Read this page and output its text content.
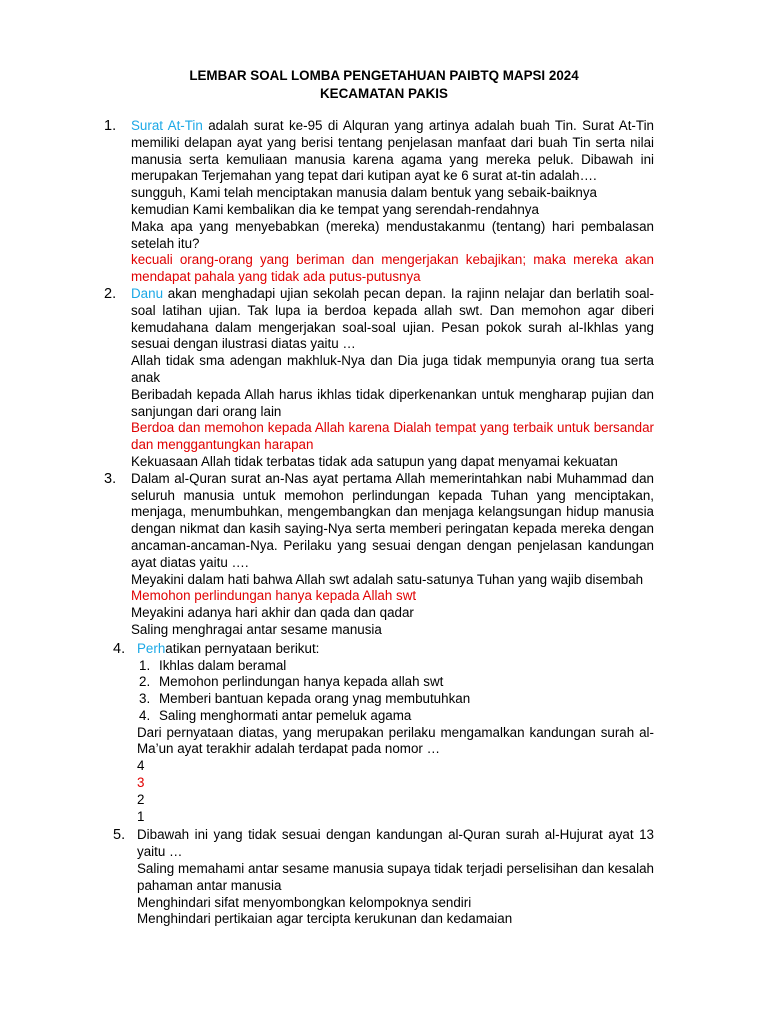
LEMBAR SOAL LOMBA PENGETAHUAN PAIBTQ MAPSI 2024
KECAMATAN PAKIS
1. Surat At-Tin adalah surat ke-95 di Alquran yang artinya adalah buah Tin. Surat At-Tin memiliki delapan ayat yang berisi tentang penjelasan manfaat dari buah Tin serta nilai manusia serta kemuliaan manusia karena agama yang mereka peluk. Dibawah ini merupakan Terjemahan yang tepat dari kutipan ayat ke 6 surat at-tin adalah….
sungguh, Kami telah menciptakan manusia dalam bentuk yang sebaik-baiknya
kemudian Kami kembalikan dia ke tempat yang serendah-rendahnya
Maka apa yang menyebabkan (mereka) mendustakanmu (tentang) hari pembalasan setelah itu?
kecuali orang-orang yang beriman dan mengerjakan kebajikan; maka mereka akan mendapat pahala yang tidak ada putus-putusnya
2. Danu akan menghadapi ujian sekolah pecan depan. Ia rajinn nelajar dan berlatih soal-soal latihan ujian. Tak lupa ia berdoa kepada allah swt. Dan memohon agar diberi kemudahana dalam mengerjakan soal-soal ujian. Pesan pokok surah al-Ikhlas yang sesuai dengan ilustrasi diatas yaitu …
Allah tidak sma adengan makhluk-Nya dan Dia juga tidak mempunyia orang tua serta anak
Beribadah kepada Allah harus ikhlas tidak diperkenankan untuk mengharap pujian dan sanjungan dari orang lain
Berdoa dan memohon kepada Allah karena Dialah tempat yang terbaik untuk bersandar dan menggantungkan harapan
Kekuasaan Allah tidak terbatas tidak ada satupun yang dapat menyamai kekuatan
3. Dalam al-Quran surat an-Nas ayat pertama Allah memerintahkan nabi Muhammad dan seluruh manusia untuk memohon perlindungan kepada Tuhan yang menciptakan, menjaga, menumbuhkan, mengembangkan dan menjaga kelangsungan hidup manusia dengan nikmat dan kasih saying-Nya serta memberi peringatan kepada mereka dengan ancaman-ancaman-Nya. Perilaku yang sesuai dengan dengan penjelasan kandungan ayat diatas yaitu ….
Meyakini dalam hati bahwa Allah swt adalah satu-satunya Tuhan yang wajib disembah
Memohon perlindungan hanya kepada Allah swt
Meyakini adanya hari akhir dan qada dan qadar
Saling menghragai antar sesame manusia
4. Perhatikan pernyataan berikut:
1. Ikhlas dalam beramal
2. Memohon perlindungan hanya kepada allah swt
3. Memberi bantuan kepada orang ynag membutuhkan
4. Saling menghormati antar pemeluk agama
Dari pernyataan diatas, yang merupakan perilaku mengamalkan kandungan surah al-Ma’un ayat terakhir adalah terdapat pada nomor …
4
3
2
1
5. Dibawah ini yang tidak sesuai dengan kandungan al-Quran surah al-Hujurat ayat 13 yaitu …
Saling memahami antar sesame manusia supaya tidak terjadi perselisihan dan kesalah pahaman antar manusia
Menghindari sifat menyombongkan kelompoknya sendiri
Menghindari pertikaian agar tercipta kerukunan dan kedamaian
